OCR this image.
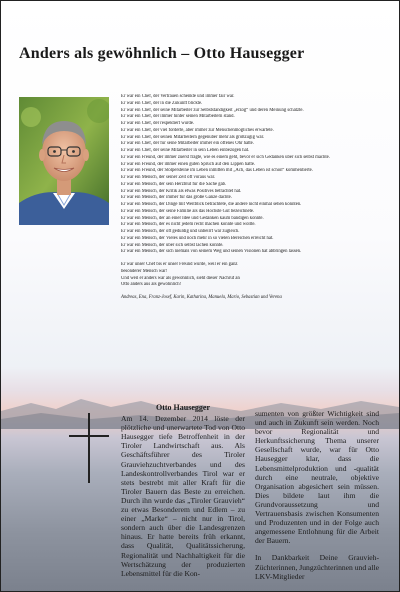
Anders als gewöhnlich – Otto Hausegger
Er war ein Chef, der Vertrauen schenkte und immer fair war.
Er war ein Chef, der in die Zukunft blickte.
Er war ein Chef, der seine Mitarbeiter zur Selbstständigkeit „erzog“ und deren Meinung schätzte.
Er war ein Chef, der immer hinter seinen Mitarbeitern stand.
Er war ein Chef, der respektiert wurde.
Er war ein Chef, der viel forderte, aber immer zur Menschenmögliches erwartete.
Er war ein Chef, der seinen Mitarbeitern gegenüber mehr als großzügig war.
Er war ein Chef, der für seine Mitarbeiter immer ein offenes Ohr hatte.
Er war ein Chef, der seine Mitarbeiter in sein Leben einbezogen hat.
Er war ein Freund, der immer zuerst fragte, wie es einem geht, bevor er sich Gedanken über sich selbst machte.
Er war ein Freund, der immer einen guten Spruch auf den Lippen hatte.
Er war ein Freund, der Stolpersteine im Leben inmitten mit „Ach, das Leben ist schön“ kommentierte.
Er war ein Mensch, der seiner Zeit oft voraus war.
Er war ein Mensch, der sein Herzblut für die Sache gab.
Er war ein Mensch, der Kritik als etwas Positives betrachtet hat.
Er war ein Mensch, der immer für das große Ganze dachte.
Er war ein Mensch, der Dinge mit Weitblick betrachtete, die andere nicht einmal sehen konnten.
Er war ein Mensch, der seine Familie als das Höchste Gut bezeichnete.
Er war ein Mensch, der an einer Idee und Gedanken kaum bändigen konnte.
Er war ein Mensch, der es nicht jedem recht machen konnte und wollte.
Er war ein Mensch, der oft geduldig und unbeirrt war zugleich.
Er war ein Mensch, der Vieles und noch mehr in so vielen Bereichen erreicht hat.
Er war ein Mensch, der über sich selbst lachen konnte.
Er war ein Mensch, der sich niemals von seinem Weg und seinen Visionen hat abbringen lassen.
Er war unser Chef bis er unser Freund wurde, weil er ein ganz
besonderer Mensch war!
Und weil er anders war als gewöhnlich, sieht dieser Nachruf an
Otto anders aus als gewöhnlich!
Andreas, Ena, Franz-Josef, Karin, Katharina, Manuela, Mario, Sebastian und Verena
Otto Hausegger
Am 14. Dezember 2014 löste der plötzliche und unerwartete Tod von Otto Hausegger tiefe Betroffenheit in der Tiroler Landwirtschaft aus. Als Geschäftsführer des Tiroler Grauviehzuchtverbandes und des Landeskontrollverbandes Tirol war er stets bestrebt mit aller Kraft für die Tiroler Bauern das Beste zu erreichen. Durch ihn wurde das „Tiroler Grauvieh“ zu etwas Besonderem und Edlem – zu einer „Marke“ – nicht nur in Tirol, sondern auch über die Landesgrenzen hinaus. Er hatte bereits früh erkannt, dass Qualität, Qualitätssicherung, Regionalität und Nachhaltigkeit für die Wertschätzung der produzierten Lebensmittel für die Kon-
sumenten von größter Wichtigkeit sind und auch in Zukunft sein werden. Noch bevor Regionalität und Herkunftssicherung Thema unserer Gesellschaft wurde, war für Otto Hausegger klar, dass die Lebensmittelproduktion und -qualität durch eine neutrale, objektive Organisation abgesichert sein müssen. Dies bildete laut ihm die Grundvoraussetzung und Vertrauensbasis zwischen Konsumenten und Produzenten und in der Folge auch angemessene Entlohnung für die Arbeit der Bauern.
In Dankbarkeit Deine Grauvieh-Züchterinnen, Jungzüchterinnen und alle LKV-Mitglieder
